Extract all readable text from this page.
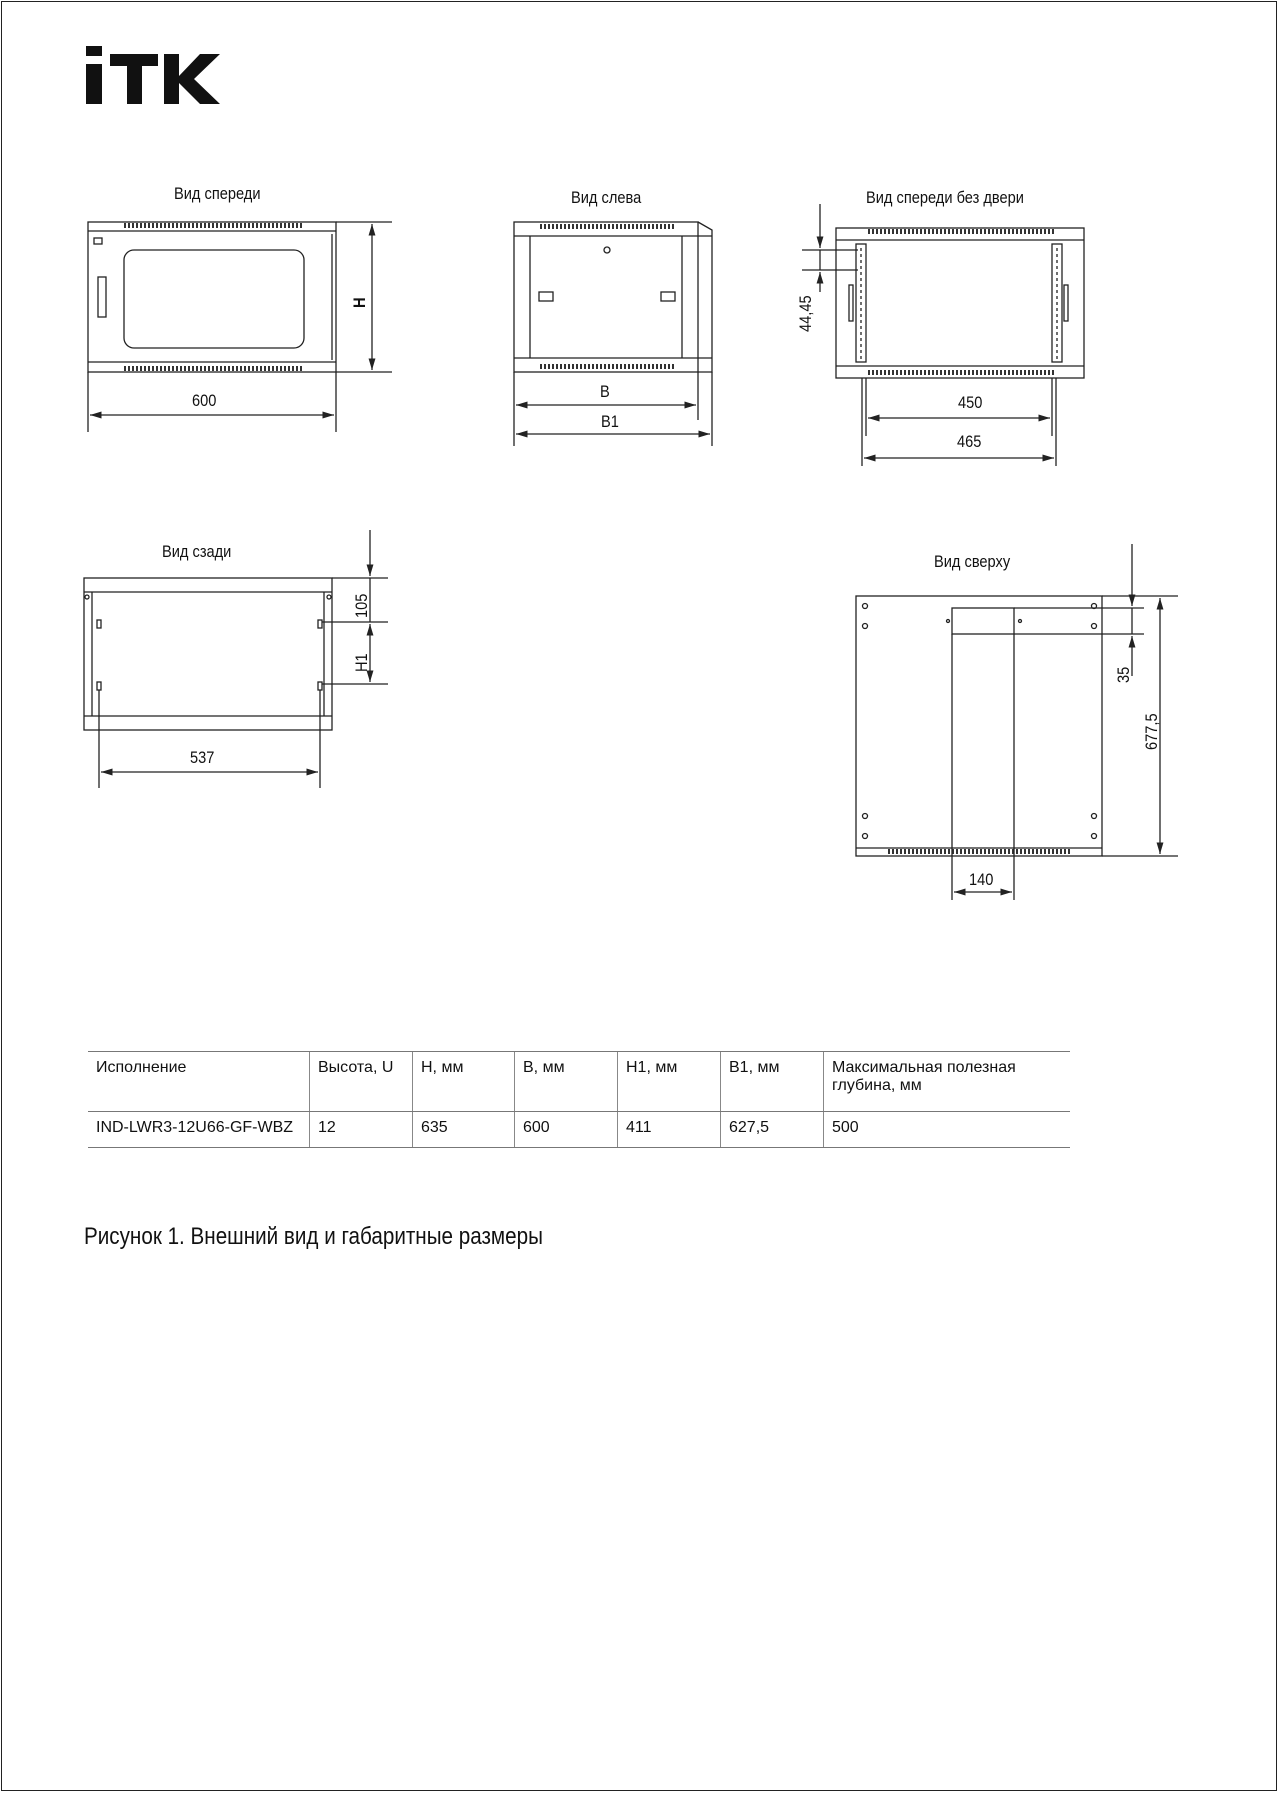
Вид спереди	Вид слева	Вид спереди без двери
Вид сзади
Вид сверху
600
H
B
B1
450
465
44,45
105
H1
537
35
677,5
140
Исполнение	Высота, U	H, мм	B, мм	H1, мм	B1, мм	Максимальная полезная глубина, мм
IND-LWR3-12U66-GF-WBZ	12	635	600	411	627,5	500
Рисунок 1. Внешний вид и габаритные размеры
